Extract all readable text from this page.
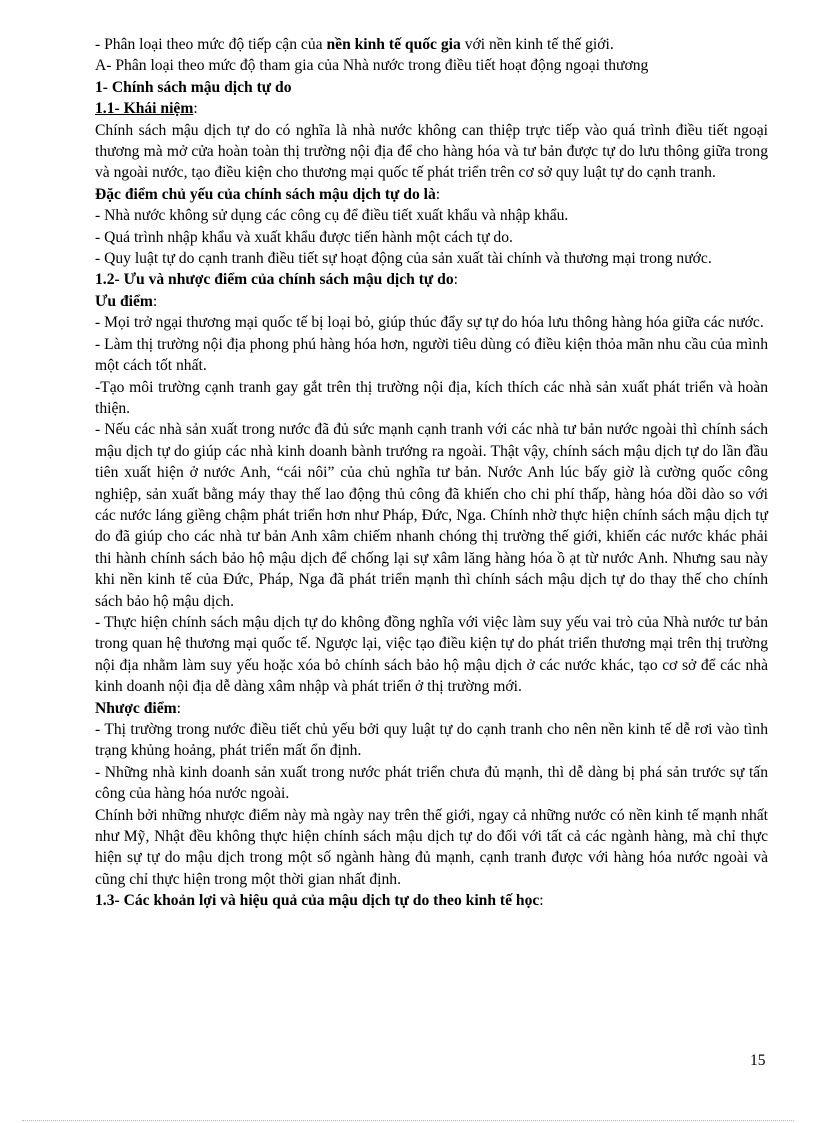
- Phân loại theo mức độ tiếp cận của nền kinh tế quốc gia với nền kinh tế thế giới.

A- Phân loại theo mức độ tham gia của Nhà nước trong điều tiết hoạt động ngoại thương

1- Chính sách mậu dịch tự do

1.1- Khái niệm:

Chính sách mậu dịch tự do có nghĩa là nhà nước không can thiệp trực tiếp vào quá trình điều tiết ngoại thương mà mở cửa hoàn toàn thị trường nội địa để cho hàng hóa và tư bản được tự do lưu thông giữa trong và ngoài nước, tạo điều kiện cho thương mại quốc tế phát triển trên cơ sở quy luật tự do cạnh tranh.

Đặc điểm chủ yếu của chính sách mậu dịch tự do là:

- Nhà nước không sử dụng các công cụ để điều tiết xuất khẩu và nhập khẩu.

- Quá trình nhập khẩu và xuất khẩu được tiến hành một cách tự do.

- Quy luật tự do cạnh tranh điều tiết sự hoạt động của sản xuất tài chính và thương mại trong nước.

1.2- Ưu và nhược điểm của chính sách mậu dịch tự do:

Ưu điểm:

- Mọi trở ngại thương mại quốc tế bị loại bỏ, giúp thúc đẩy sự tự do hóa lưu thông hàng hóa giữa các nước.

- Làm thị trường nội địa phong phú hàng hóa hơn, người tiêu dùng có điều kiện thỏa mãn nhu cầu của mình một cách tốt nhất.

-Tạo môi trường cạnh tranh gay gắt trên thị trường nội địa, kích thích các nhà sản xuất phát triển và hoàn thiện.

- Nếu các nhà sản xuất trong nước đã đủ sức mạnh cạnh tranh với các nhà tư bản nước ngoài thì chính sách mậu dịch tự do giúp các nhà kinh doanh bành trướng ra ngoài. Thật vậy, chính sách mậu dịch tự do lần đầu tiên xuất hiện ở nước Anh, “cái nôi” của chủ nghĩa tư bản. Nước Anh lúc bấy giờ là cường quốc công nghiệp, sản xuất bằng máy thay thế lao động thủ công đã khiến cho chi phí thấp, hàng hóa dồi dào so với các nước láng giềng chậm phát triển hơn như Pháp, Đức, Nga. Chính nhờ thực hiện chính sách mậu dịch tự do đã giúp cho các nhà tư bản Anh xâm chiếm nhanh chóng thị trường thế giới, khiến các nước khác phải thi hành chính sách bảo hộ mậu dịch để chống lại sự xâm lăng hàng hóa ồ ạt từ nước Anh. Nhưng sau này khi nền kinh tế của Đức, Pháp, Nga đã phát triển mạnh thì chính sách mậu dịch tự do thay thế cho chính sách bảo hộ mậu dịch.

- Thực hiện chính sách mậu dịch tự do không đồng nghĩa với việc làm suy yếu vai trò của Nhà nước tư bản trong quan hệ thương mại quốc tế. Ngược lại, việc tạo điều kiện tự do phát triển thương mại trên thị trường nội địa nhằm làm suy yếu hoặc xóa bỏ chính sách bảo hộ mậu dịch ở các nước khác, tạo cơ sở để các nhà kinh doanh nội địa dễ dàng xâm nhập và phát triển ở thị trường mới.

Nhược điểm:

- Thị trường trong nước điều tiết chủ yếu bởi quy luật tự do cạnh tranh cho nên nền kinh tế dễ rơi vào tình trạng khủng hoảng, phát triển mất ổn định.

- Những nhà kinh doanh sản xuất trong nước phát triển chưa đủ mạnh, thì dễ dàng bị phá sản trước sự tấn công của hàng hóa nước ngoài.

Chính bởi những nhược điểm này mà ngày nay trên thế giới, ngay cả những nước có nền kinh tế mạnh nhất như Mỹ, Nhật đều không thực hiện chính sách mậu dịch tự do đối với tất cả các ngành hàng, mà chỉ thực hiện sự tự do mậu dịch trong một số ngành hàng đủ mạnh, cạnh tranh được với hàng hóa nước ngoài và cũng chỉ thực hiện trong một thời gian nhất định.

1.3- Các khoản lợi và hiệu quả của mậu dịch tự do theo kinh tế học:

15
